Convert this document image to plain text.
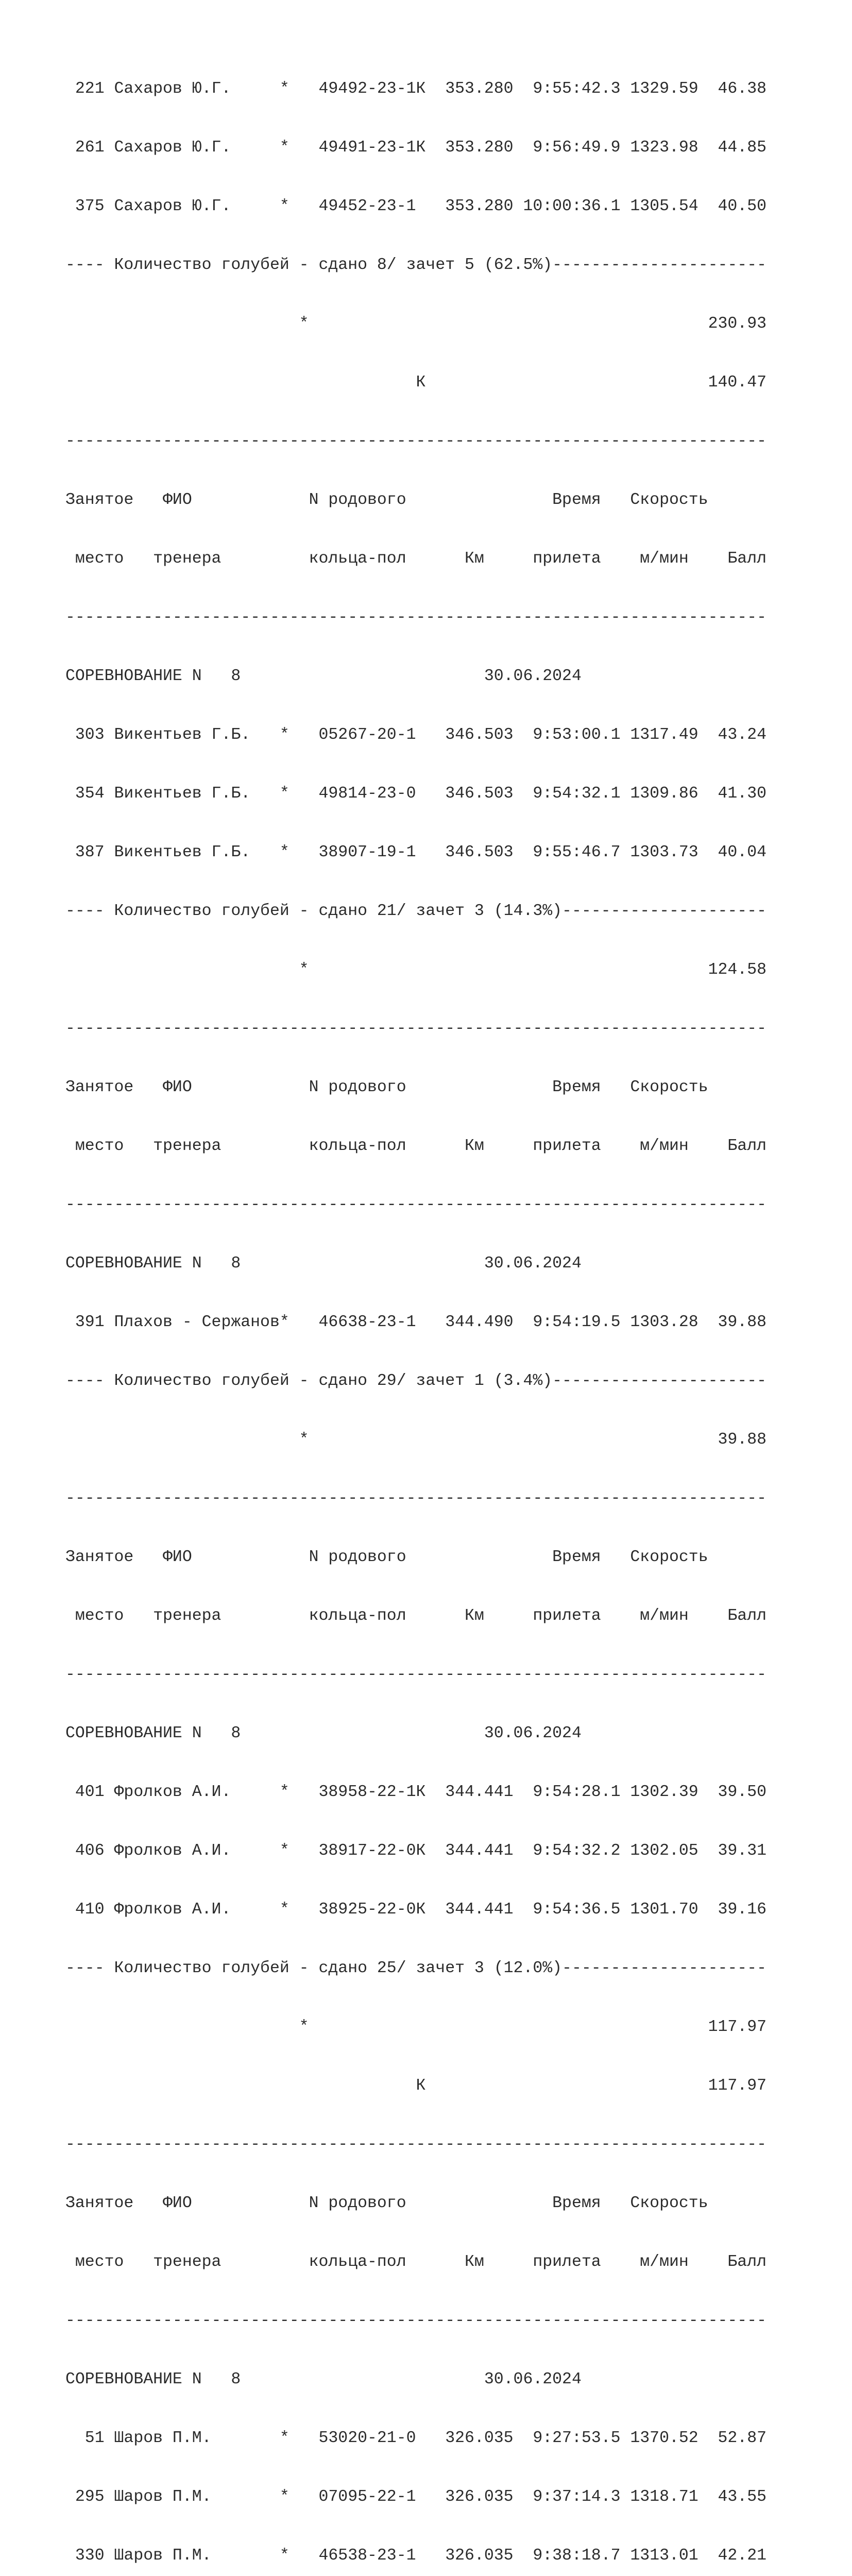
221 Сахаров Ю.Г.     *   49492-23-1К  353.280  9:55:42.3 1329.59  46.38

261 Сахаров Ю.Г.     *   49491-23-1К  353.280  9:56:49.9 1323.98  44.85

375 Сахаров Ю.Г.     *   49452-23-1   353.280 10:00:36.1 1305.54  40.50

---- Количество голубей - сдано 8/ зачет 5 (62.5%)----------------------

*                                         230.93

К                             140.47

------------------------------------------------------------------------

Занятое   ФИО            N родового               Время   Скорость

место   тренера         кольца-пол      Км     прилета    м/мин    Балл

------------------------------------------------------------------------

СОРЕВНОВАНИЕ N   8                         30.06.2024

303 Викентьев Г.Б.   *   05267-20-1   346.503  9:53:00.1 1317.49  43.24

354 Викентьев Г.Б.   *   49814-23-0   346.503  9:54:32.1 1309.86  41.30

387 Викентьев Г.Б.   *   38907-19-1   346.503  9:55:46.7 1303.73  40.04

---- Количество голубей - сдано 21/ зачет 3 (14.3%)---------------------

*                                         124.58

------------------------------------------------------------------------

Занятое   ФИО            N родового               Время   Скорость

место   тренера         кольца-пол      Км     прилета    м/мин    Балл

------------------------------------------------------------------------

СОРЕВНОВАНИЕ N   8                         30.06.2024

391 Плахов - Сержанов*   46638-23-1   344.490  9:54:19.5 1303.28  39.88

---- Количество голубей - сдано 29/ зачет 1 (3.4%)----------------------

*                                          39.88

------------------------------------------------------------------------

Занятое   ФИО            N родового               Время   Скорость

место   тренера         кольца-пол      Км     прилета    м/мин    Балл

------------------------------------------------------------------------

СОРЕВНОВАНИЕ N   8                         30.06.2024

401 Фролков А.И.     *   38958-22-1К  344.441  9:54:28.1 1302.39  39.50

406 Фролков А.И.     *   38917-22-0К  344.441  9:54:32.2 1302.05  39.31

410 Фролков А.И.     *   38925-22-0К  344.441  9:54:36.5 1301.70  39.16

---- Количество голубей - сдано 25/ зачет 3 (12.0%)---------------------

*                                         117.97

К                             117.97

------------------------------------------------------------------------

Занятое   ФИО            N родового               Время   Скорость

место   тренера         кольца-пол      Км     прилета    м/мин    Балл

------------------------------------------------------------------------

СОРЕВНОВАНИЕ N   8                         30.06.2024

51 Шаров П.М.       *   53020-21-0   326.035  9:27:53.5 1370.52  52.87

295 Шаров П.М.       *   07095-22-1   326.035  9:37:14.3 1318.71  43.55

330 Шаров П.М.       *   46538-23-1   326.035  9:38:18.7 1313.01  42.21
